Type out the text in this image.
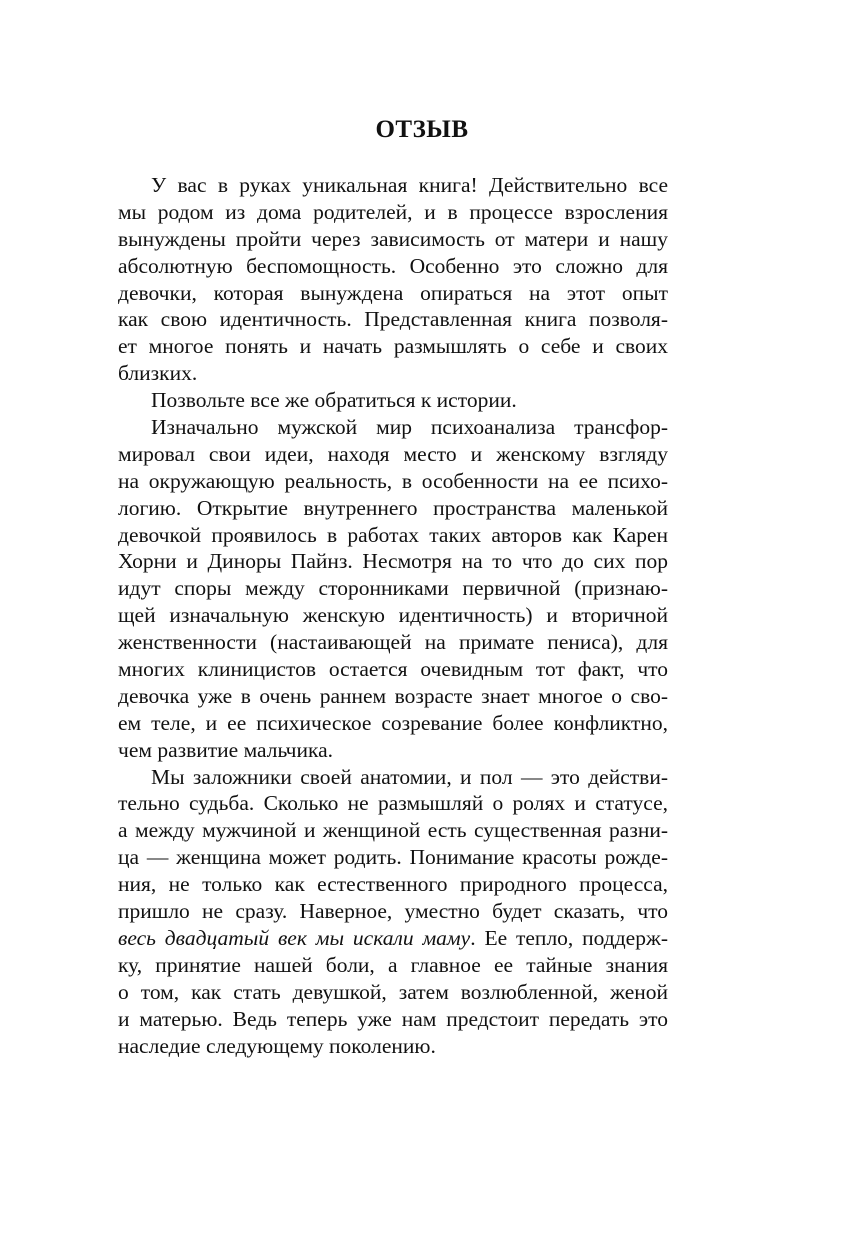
ОТЗЫВ
У вас в руках уникальная книга! Действительно все
мы родом из дома родителей, и в процессе взросления
вынуждены пройти через зависимость от матери и нашу
абсолютную беспомощность. Особенно это сложно для
девочки, которая вынуждена опираться на этот опыт
как свою идентичность. Представленная книга позволя-
ет многое понять и начать размышлять о себе и своих
близких.
Позвольте все же обратиться к истории.
Изначально мужской мир психоанализа трансфор-
мировал свои идеи, находя место и женскому взгляду
на окружающую реальность, в особенности на ее психо-
логию. Открытие внутреннего пространства маленькой
девочкой проявилось в работах таких авторов как Карен
Хорни и Диноры Пайнз. Несмотря на то что до сих пор
идут споры между сторонниками первичной (признаю-
щей изначальную женскую идентичность) и вторичной
женственности (настаивающей на примате пениса), для
многих клиницистов остается очевидным тот факт, что
девочка уже в очень раннем возрасте знает многое о сво-
ем теле, и ее психическое созревание более конфликтно,
чем развитие мальчика.
Мы заложники своей анатомии, и пол — это действи-
тельно судьба. Сколько не размышляй о ролях и статусе,
а между мужчиной и женщиной есть существенная разни-
ца — женщина может родить. Понимание красоты рожде-
ния, не только как естественного природного процесса,
пришло не сразу. Наверное, уместно будет сказать, что
весь двадцатый век мы искали маму. Ее тепло, поддерж-
ку, принятие нашей боли, а главное ее тайные знания
о том, как стать девушкой, затем возлюбленной, женой
и матерью. Ведь теперь уже нам предстоит передать это
наследие следующему поколению.
